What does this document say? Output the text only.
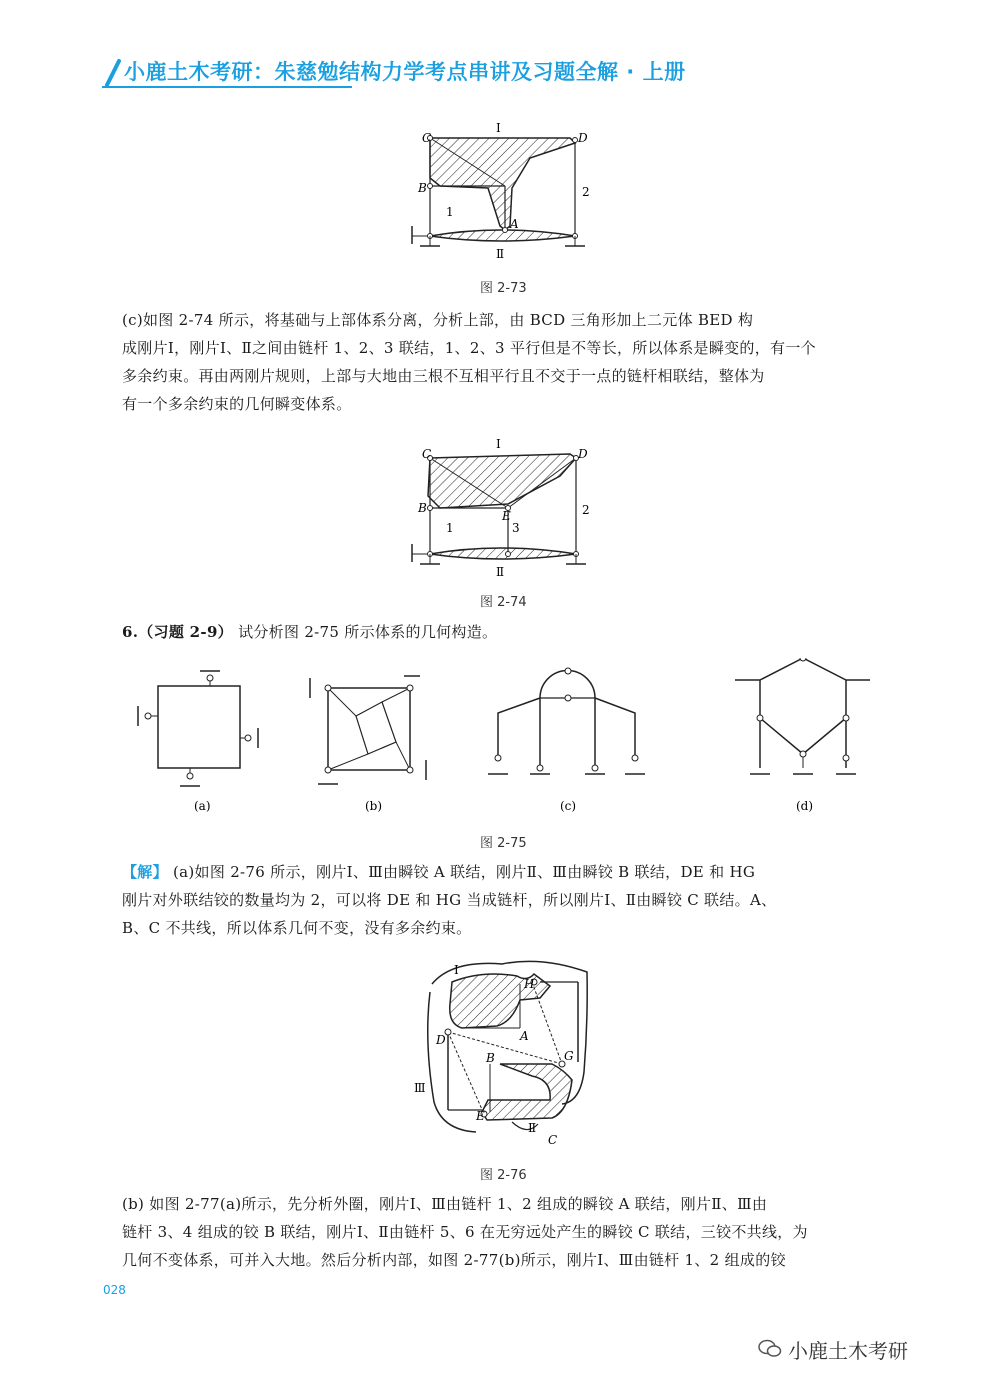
小鹿土木考研：朱慈勉结构力学考点串讲及习题全解 · 上册
C	D
B
A
Ⅰ
Ⅱ
1
2
图 2-73
(c)如图 2-74 所示，将基础与上部体系分离，分析上部，由 BCD 三角形加上二元体 BED 构
成刚片Ⅰ，刚片Ⅰ、Ⅱ之间由链杆 1、2、3 联结，1、2、3 平行但是不等长，所以体系是瞬变的，有一个
多余约束。再由两刚片规则，上部与大地由三根不互相平行且不交于一点的链杆相联结，整体为
有一个多余约束的几何瞬变体系。
C	D
B
E
Ⅰ
Ⅱ
1	3
2
图 2-74
6.（习题 2-9） 试分析图 2-75 所示体系的几何构造。
(a)	(b)	(c)	(d)
图 2-75
【解】 (a)如图 2-76 所示，刚片Ⅰ、Ⅲ由瞬铰 A 联结，刚片Ⅱ、Ⅲ由瞬铰 B 联结，DE 和 HG
刚片对外联结铰的数量均为 2，可以将 DE 和 HG 当成链杆，所以刚片Ⅰ、Ⅱ由瞬铰 C 联结。A、
B、C 不共线，所以体系几何不变，没有多余约束。
Ⅰ
Ⅱ
Ⅲ
A
B
C
D
E
G
H
图 2-76
(b) 如图 2-77(a)所示，先分析外圈，刚片Ⅰ、Ⅲ由链杆 1、2 组成的瞬铰 A 联结，刚片Ⅱ、Ⅲ由
链杆 3、4 组成的铰 B 联结，刚片Ⅰ、Ⅱ由链杆 5、6 在无穷远处产生的瞬铰 C 联结，三铰不共线，为
几何不变体系，可并入大地。然后分析内部，如图 2-77(b)所示，刚片Ⅰ、Ⅲ由链杆 1、2 组成的铰
028
小鹿土木考研
